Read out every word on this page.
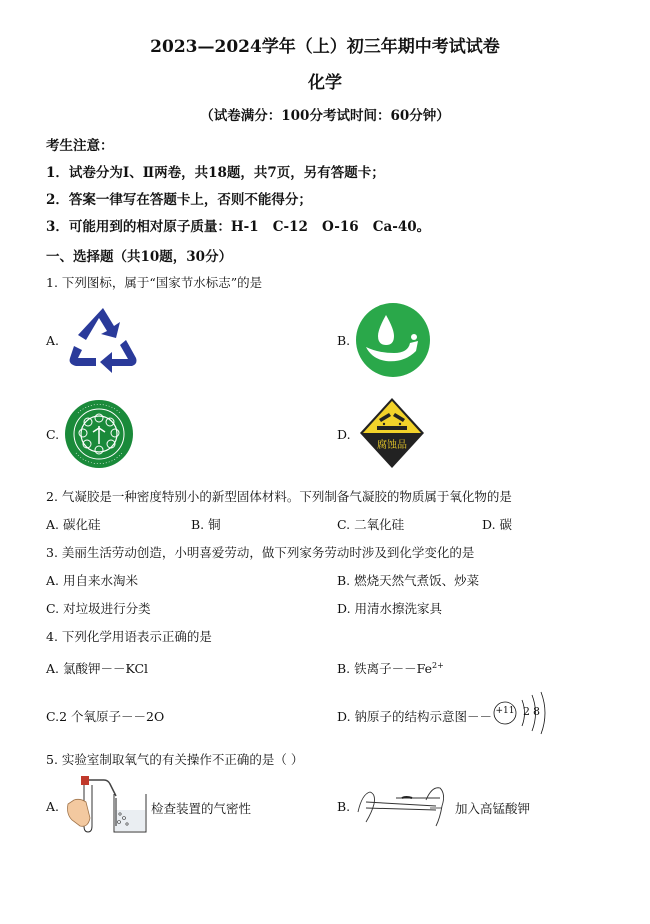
2023—2024学年（上）初三年期中考试试卷
化学
（试卷满分：100分考试时间：60分钟）
考生注意：
1．试卷分为Ⅰ、Ⅱ两卷，共18题，共7页，另有答题卡；
2．答案一律写在答题卡上，否则不能得分；
3．可能用到的相对原子质量：H-1   C-12   O-16   Ca-40。
一、选择题（共10题，30分）
1. 下列图标，属于“国家节水标志”的是
A.	B.
C.	D.
腐蚀品
2. 气凝胶是一种密度特别小的新型固体材料。下列制备气凝胶的物质属于氧化物的是
A. 碳化硅	B. 铜	C. 二氧化硅	D. 碳
3. 美丽生活劳动创造，小明喜爱劳动，做下列家务劳动时涉及到化学变化的是
A. 用自来水淘米	B. 燃烧天然气煮饭、炒菜
C. 对垃圾进行分类	D. 用清水擦洗家具
4. 下列化学用语表示正确的是
A. 氯酸钾－－KCl	B. 铁离子$--Fe^{2+}$
C.2 个氧原子－－2O	D. 钠原子的结构示意图－－ +11 2 8
5. 实验室制取氧气的有关操作不正确的是（ ）
A.	B.
检查装置的气密性	加入高锰酸钾
